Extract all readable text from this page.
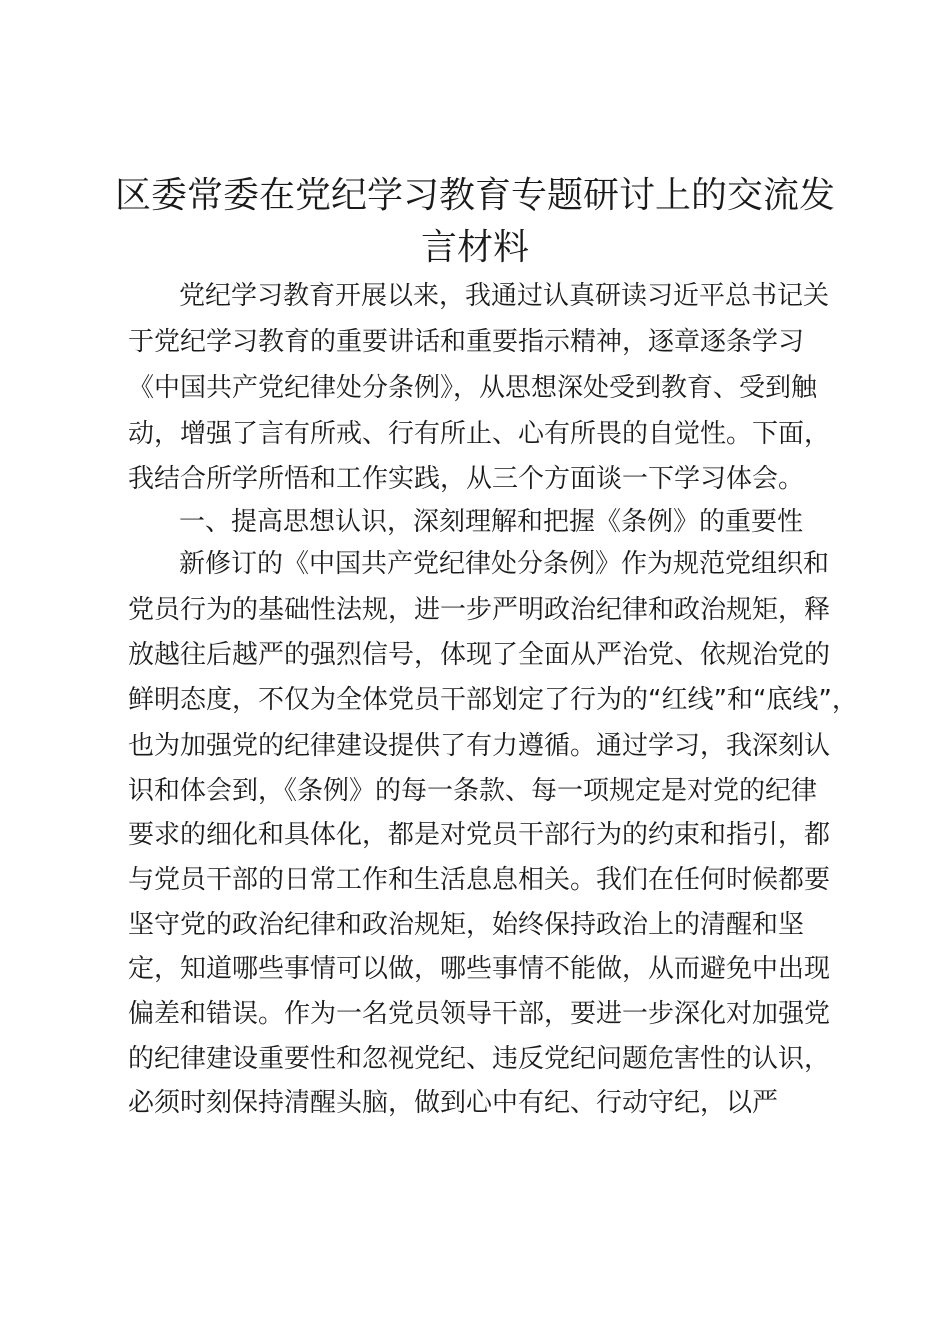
区委常委在党纪学习教育专题研讨上的交流发
言材料

党纪学习教育开展以来，我通过认真研读习近平总书记关

于党纪学习教育的重要讲话和重要指示精神，逐章逐条学习

《中国共产党纪律处分条例》，从思想深处受到教育、受到触

动，增强了言有所戒、行有所止、心有所畏的自觉性。下面，

我结合所学所悟和工作实践，从三个方面谈一下学习体会。

一、提高思想认识，深刻理解和把握《条例》的重要性

新修订的《中国共产党纪律处分条例》作为规范党组织和

党员行为的基础性法规，进一步严明政治纪律和政治规矩，释

放越往后越严的强烈信号，体现了全面从严治党、依规治党的

鲜明态度，不仅为全体党员干部划定了行为的“红线”和“底线”，

也为加强党的纪律建设提供了有力遵循。通过学习，我深刻认

识和体会到，《条例》的每一条款、每一项规定是对党的纪律

要求的细化和具体化，都是对党员干部行为的约束和指引，都

与党员干部的日常工作和生活息息相关。我们在任何时候都要

坚守党的政治纪律和政治规矩，始终保持政治上的清醒和坚

定，知道哪些事情可以做，哪些事情不能做，从而避免中出现

偏差和错误。作为一名党员领导干部，要进一步深化对加强党

的纪律建设重要性和忽视党纪、违反党纪问题危害性的认识，

必须时刻保持清醒头脑，做到心中有纪、行动守纪，以严
